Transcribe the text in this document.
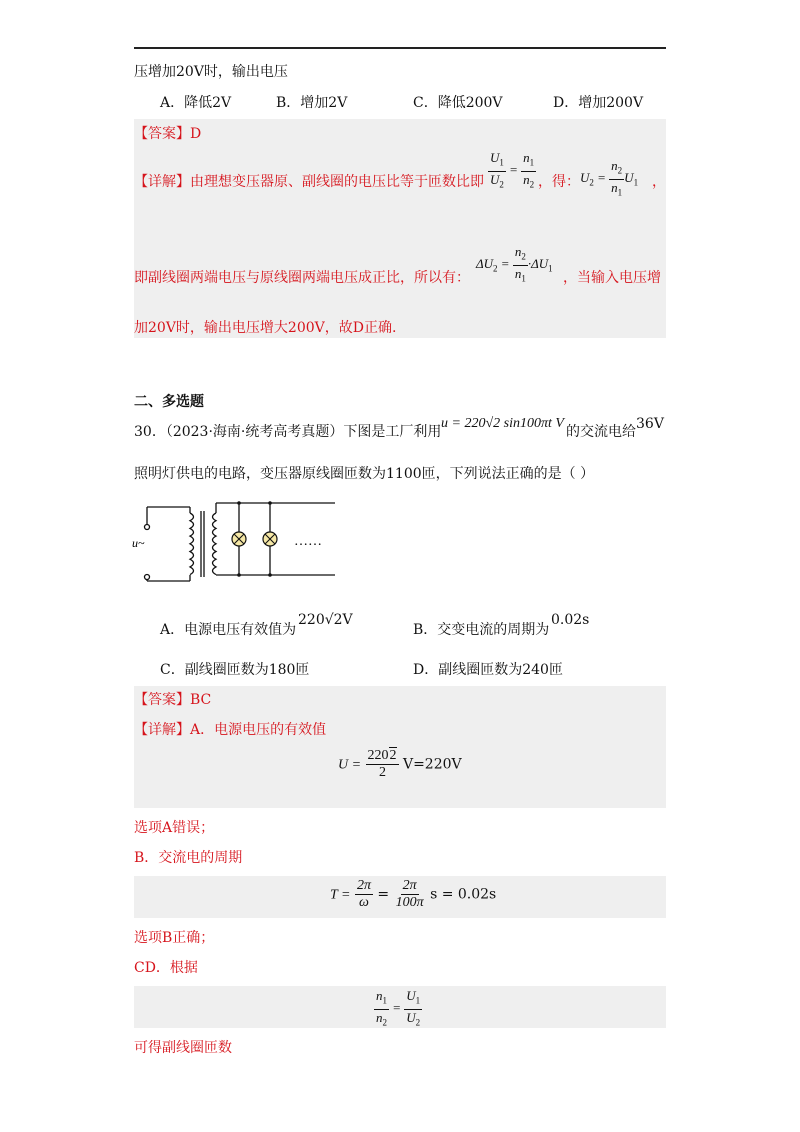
压增加20V时，输出电压
A．降低2V	B．增加2V	C．降低200V	D．增加200V
【答案】D
【详解】由理想变压器原、副线圈的电压比等于匝数比即 $\frac{U_1}{U_2} = \frac{n_1}{n_2}$ ，得： $U_2 = \frac{n_2}{n_1} U_1$ ，
即副线圈两端电压与原线圈两端电压成正比，所以有：
$\Delta U_2 = \frac{n_2}{n_1} \cdot\Delta U_1$
，当输入电压增
加20V时，输出电压增大200V，故D正确.
二、多选题
30．（2023·海南·统考高考真题）下图是工厂利用
u = 220√2 sin100πt V
的交流电给 36V
照明灯供电的电路，变压器原线圈匝数为1100匝，下列说法正确的是（ ）
u~	……
A．电源电压有效值为
220√2V
B．交变电流的周期为
0.02s
C．副线圈匝数为180匝	D．副线圈匝数为240匝
【答案】BC
【详解】A．电源电压的有效值
$U = \frac{2202}{2} V=220V$
选项A错误；
B．交流电的周期
$T = \frac{2\pi}{\omega} = \frac{2\pi}{100\pi}$ s = 0.02s
选项B正确；
CD．根据
$\frac{n_1}{n_2} = \frac{U_1}{U_2}$
可得副线圈匝数
